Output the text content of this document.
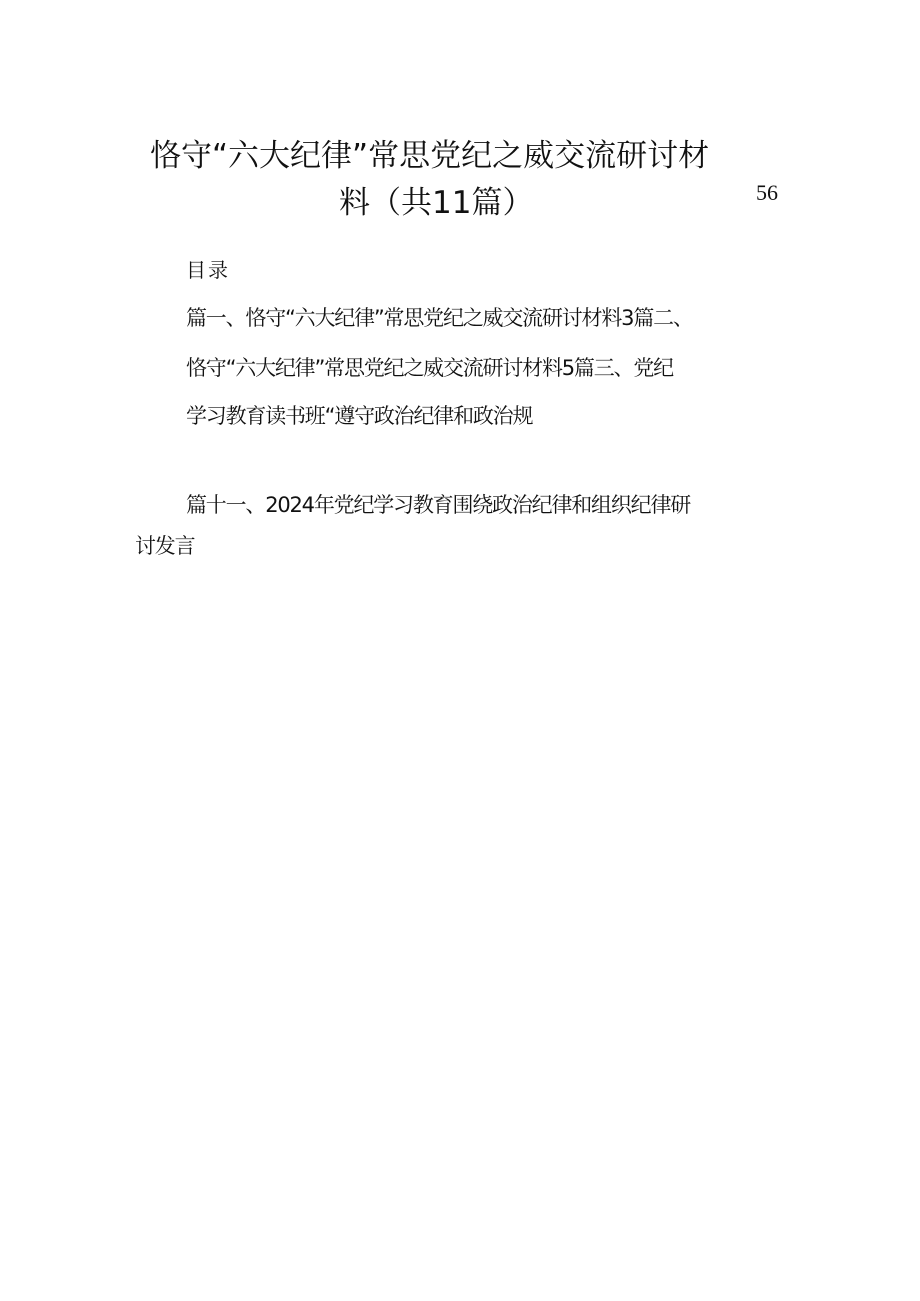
恪守“六大纪律”常思党纪之威交流研讨材
料（共11篇）	56
目录
篇一、恪守“六大纪律”常思党纪之威交流研讨材料3篇二、
恪守“六大纪律”常思党纪之威交流研讨材料5篇三、党纪
学习教育读书班“遵守政治纪律和政治规
篇十一、2024年党纪学习教育围绕政治纪律和组织纪律研
讨发言
